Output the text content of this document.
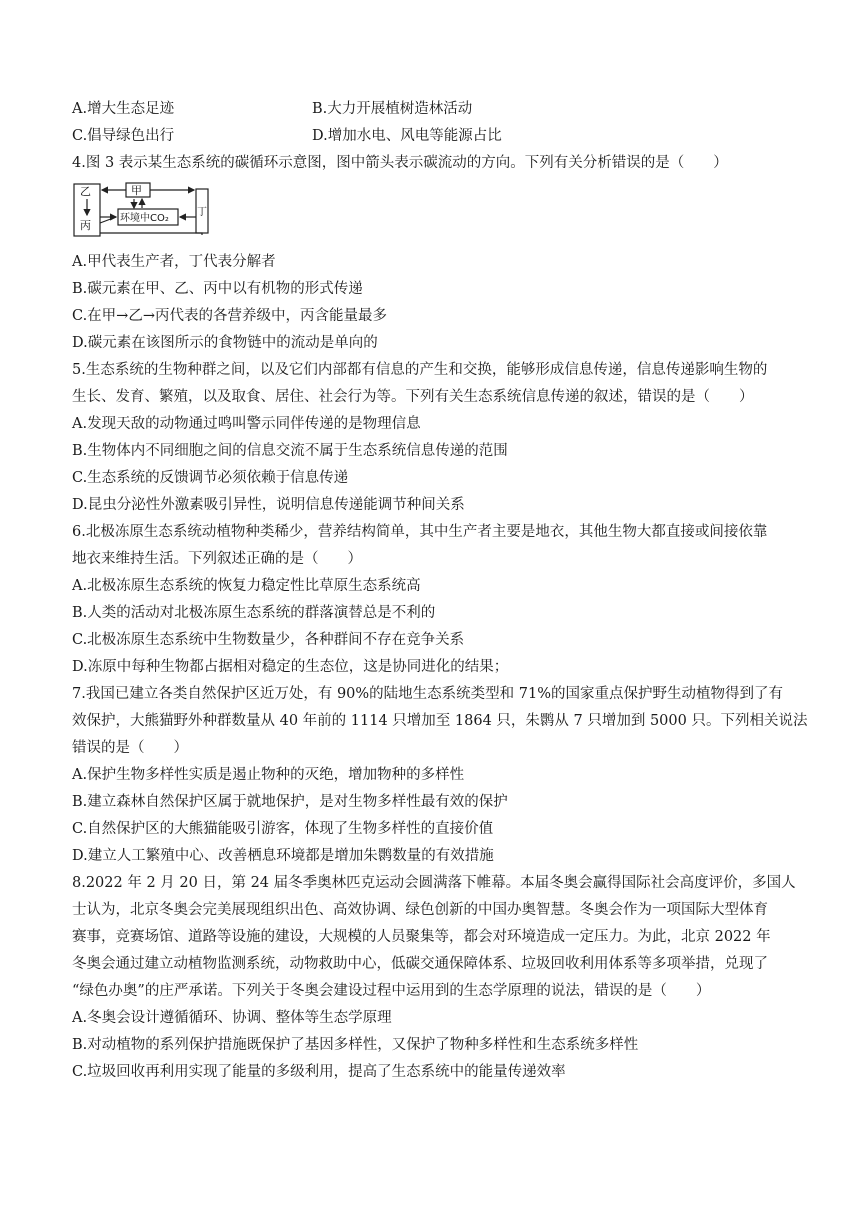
A.增大生态足迹	B.大力开展植树造林活动
C.倡导绿色出行	D.增加水电、风电等能源占比
4.图 3 表示某生态系统的碳循环示意图，图中箭头表示碳流动的方向。下列有关分析错误的是（　　）
乙	甲
丙
环境中CO₂
丁
A.甲代表生产者，丁代表分解者
B.碳元素在甲、乙、丙中以有机物的形式传递
C.在甲→乙→丙代表的各营养级中，丙含能量最多
D.碳元素在该图所示的食物链中的流动是单向的
5.生态系统的生物种群之间，以及它们内部都有信息的产生和交换，能够形成信息传递，信息传递影响生物的
生长、发育、繁殖，以及取食、居住、社会行为等。下列有关生态系统信息传递的叙述，错误的是（　　）
A.发现天敌的动物通过鸣叫警示同伴传递的是物理信息
B.生物体内不同细胞之间的信息交流不属于生态系统信息传递的范围
C.生态系统的反馈调节必须依赖于信息传递
D.昆虫分泌性外激素吸引异性，说明信息传递能调节种间关系
6.北极冻原生态系统动植物种类稀少，营养结构简单，其中生产者主要是地衣，其他生物大都直接或间接依靠
地衣来维持生活。下列叙述正确的是（　　）
A.北极冻原生态系统的恢复力稳定性比草原生态系统高
B.人类的活动对北极冻原生态系统的群落演替总是不利的
C.北极冻原生态系统中生物数量少，各种群间不存在竞争关系
D.冻原中每种生物都占据相对稳定的生态位，这是协同进化的结果；
7.我国已建立各类自然保护区近万处，有 90%的陆地生态系统类型和 71%的国家重点保护野生动植物得到了有
效保护，大熊猫野外种群数量从 40 年前的 1114 只增加至 1864 只，朱鹮从 7 只增加到 5000 只。下列相关说法
错误的是（　　）
A.保护生物多样性实质是遏止物种的灭绝，增加物种的多样性
B.建立森林自然保护区属于就地保护，是对生物多样性最有效的保护
C.自然保护区的大熊猫能吸引游客，体现了生物多样性的直接价值
D.建立人工繁殖中心、改善栖息环境都是增加朱鹮数量的有效措施
8.2022 年 2 月 20 日，第 24 届冬季奥林匹克运动会圆满落下帷幕。本届冬奥会赢得国际社会高度评价，多国人
士认为，北京冬奥会完美展现组织出色、高效协调、绿色创新的中国办奥智慧。冬奥会作为一项国际大型体育
赛事，竞赛场馆、道路等设施的建设，大规模的人员聚集等，都会对环境造成一定压力。为此，北京 2022 年
冬奥会通过建立动植物监测系统，动物救助中心，低碳交通保障体系、垃圾回收利用体系等多项举措，兑现了
“绿色办奥”的庄严承诺。下列关于冬奥会建设过程中运用到的生态学原理的说法，错误的是（　　）
A.冬奥会设计遵循循环、协调、整体等生态学原理
B.对动植物的系列保护措施既保护了基因多样性，又保护了物种多样性和生态系统多样性
C.垃圾回收再利用实现了能量的多级利用，提高了生态系统中的能量传递效率
